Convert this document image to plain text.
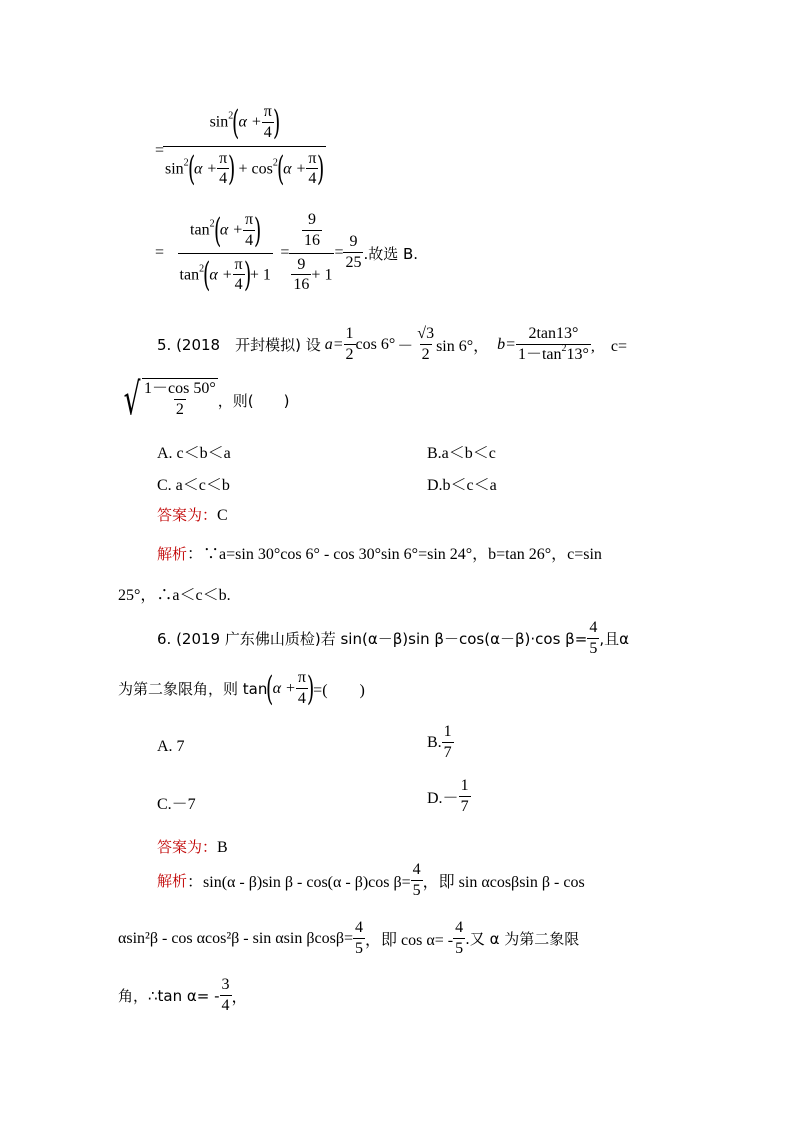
=
$\sin^2(\alpha + \frac{\pi}{4}$
)
$\sin^2(\alpha + \frac{\pi}{4}$
) + $\cos^2(\alpha + \frac{\pi}{4}$
)
= $\tan^2(\alpha + \frac{\pi}{4}$
)
$\tan^2(\alpha + \frac{\pi}{4}$
)+ $1 = \frac{\frac{9}{16}}{\frac{9}{16} + 1} = \frac{9}{25}$ .故选 B.
5. (2018　开封模拟) 设 $a= \frac{1}{2}$ $\cos 6^\circ - \frac{√3}{2}$ sin 6°， $b= \frac{2\tan 13^\circ}{1-\tan^213^\circ}$ ,　c=
√ $\frac{1-\cos 50^\circ}{2}$ ，则(　　)
A. c＜b＜a	B.a＜b＜c
C. a＜c＜b	D.b＜c＜a
答案为：C
解析：∵a=sin 30°cos 6° - cos 30°sin 6°=sin 24°，b=tan 26°，c=sin
25°，∴a＜c＜b.
6. (2019 广东佛山质检)若 sin(α－β)sin β－cos(α－β)·cos $\beta= \frac{4}{5}$ ,且α
为第二象限角，则 tan
(
$\alpha + \frac{\pi}{4}$
)
=(　　)
A. 7	B. $\frac{1}{7}$
C.－7	$D.- \frac{1}{7}$
答案为：B
解析 ：sin(α - β)sin β - cos(α - β)cos $\beta= \frac{4}{5}$ ，即 sin αcosβsin β - cos
αsin²β - cos αcos²β - sin αsin $\beta\cos\beta= \frac{4}{5}$ ，即 $\cos \alpha= - \frac{4}{5}$ .又 α 为第二象限
角，∴tan $\alpha= - \frac{3}{4}$ ，
